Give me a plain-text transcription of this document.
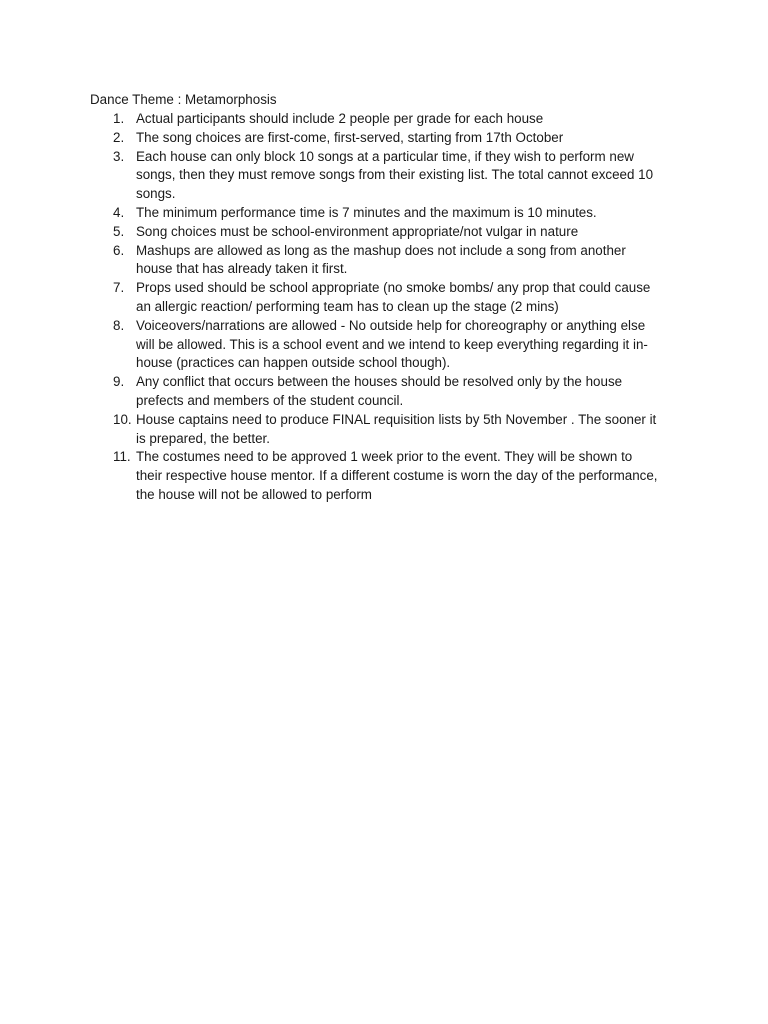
Dance Theme : Metamorphosis
1. Actual participants should include 2 people per grade for each house
2. The song choices are first-come, first-served, starting from 17th October
3. Each house can only block 10 songs at a particular time, if they wish to perform new
songs, then they must remove songs from their existing list. The total cannot exceed 10
songs.
4. The minimum performance time is 7 minutes and the maximum is 10 minutes.
5. Song choices must be school-environment appropriate/not vulgar in nature
6. Mashups are allowed as long as the mashup does not include a song from another
house that has already taken it first.
7. Props used should be school appropriate (no smoke bombs/ any prop that could cause
an allergic reaction/ performing team has to clean up the stage (2 mins)
8. Voiceovers/narrations are allowed - No outside help for choreography or anything else
will be allowed. This is a school event and we intend to keep everything regarding it in-
house (practices can happen outside school though).
9. Any conflict that occurs between the houses should be resolved only by the house
prefects and members of the student council.
10. House captains need to produce FINAL requisition lists by 5th November . The sooner it
is prepared, the better.
11. The costumes need to be approved 1 week prior to the event. They will be shown to
their respective house mentor. If a different costume is worn the day of the performance,
the house will not be allowed to perform
